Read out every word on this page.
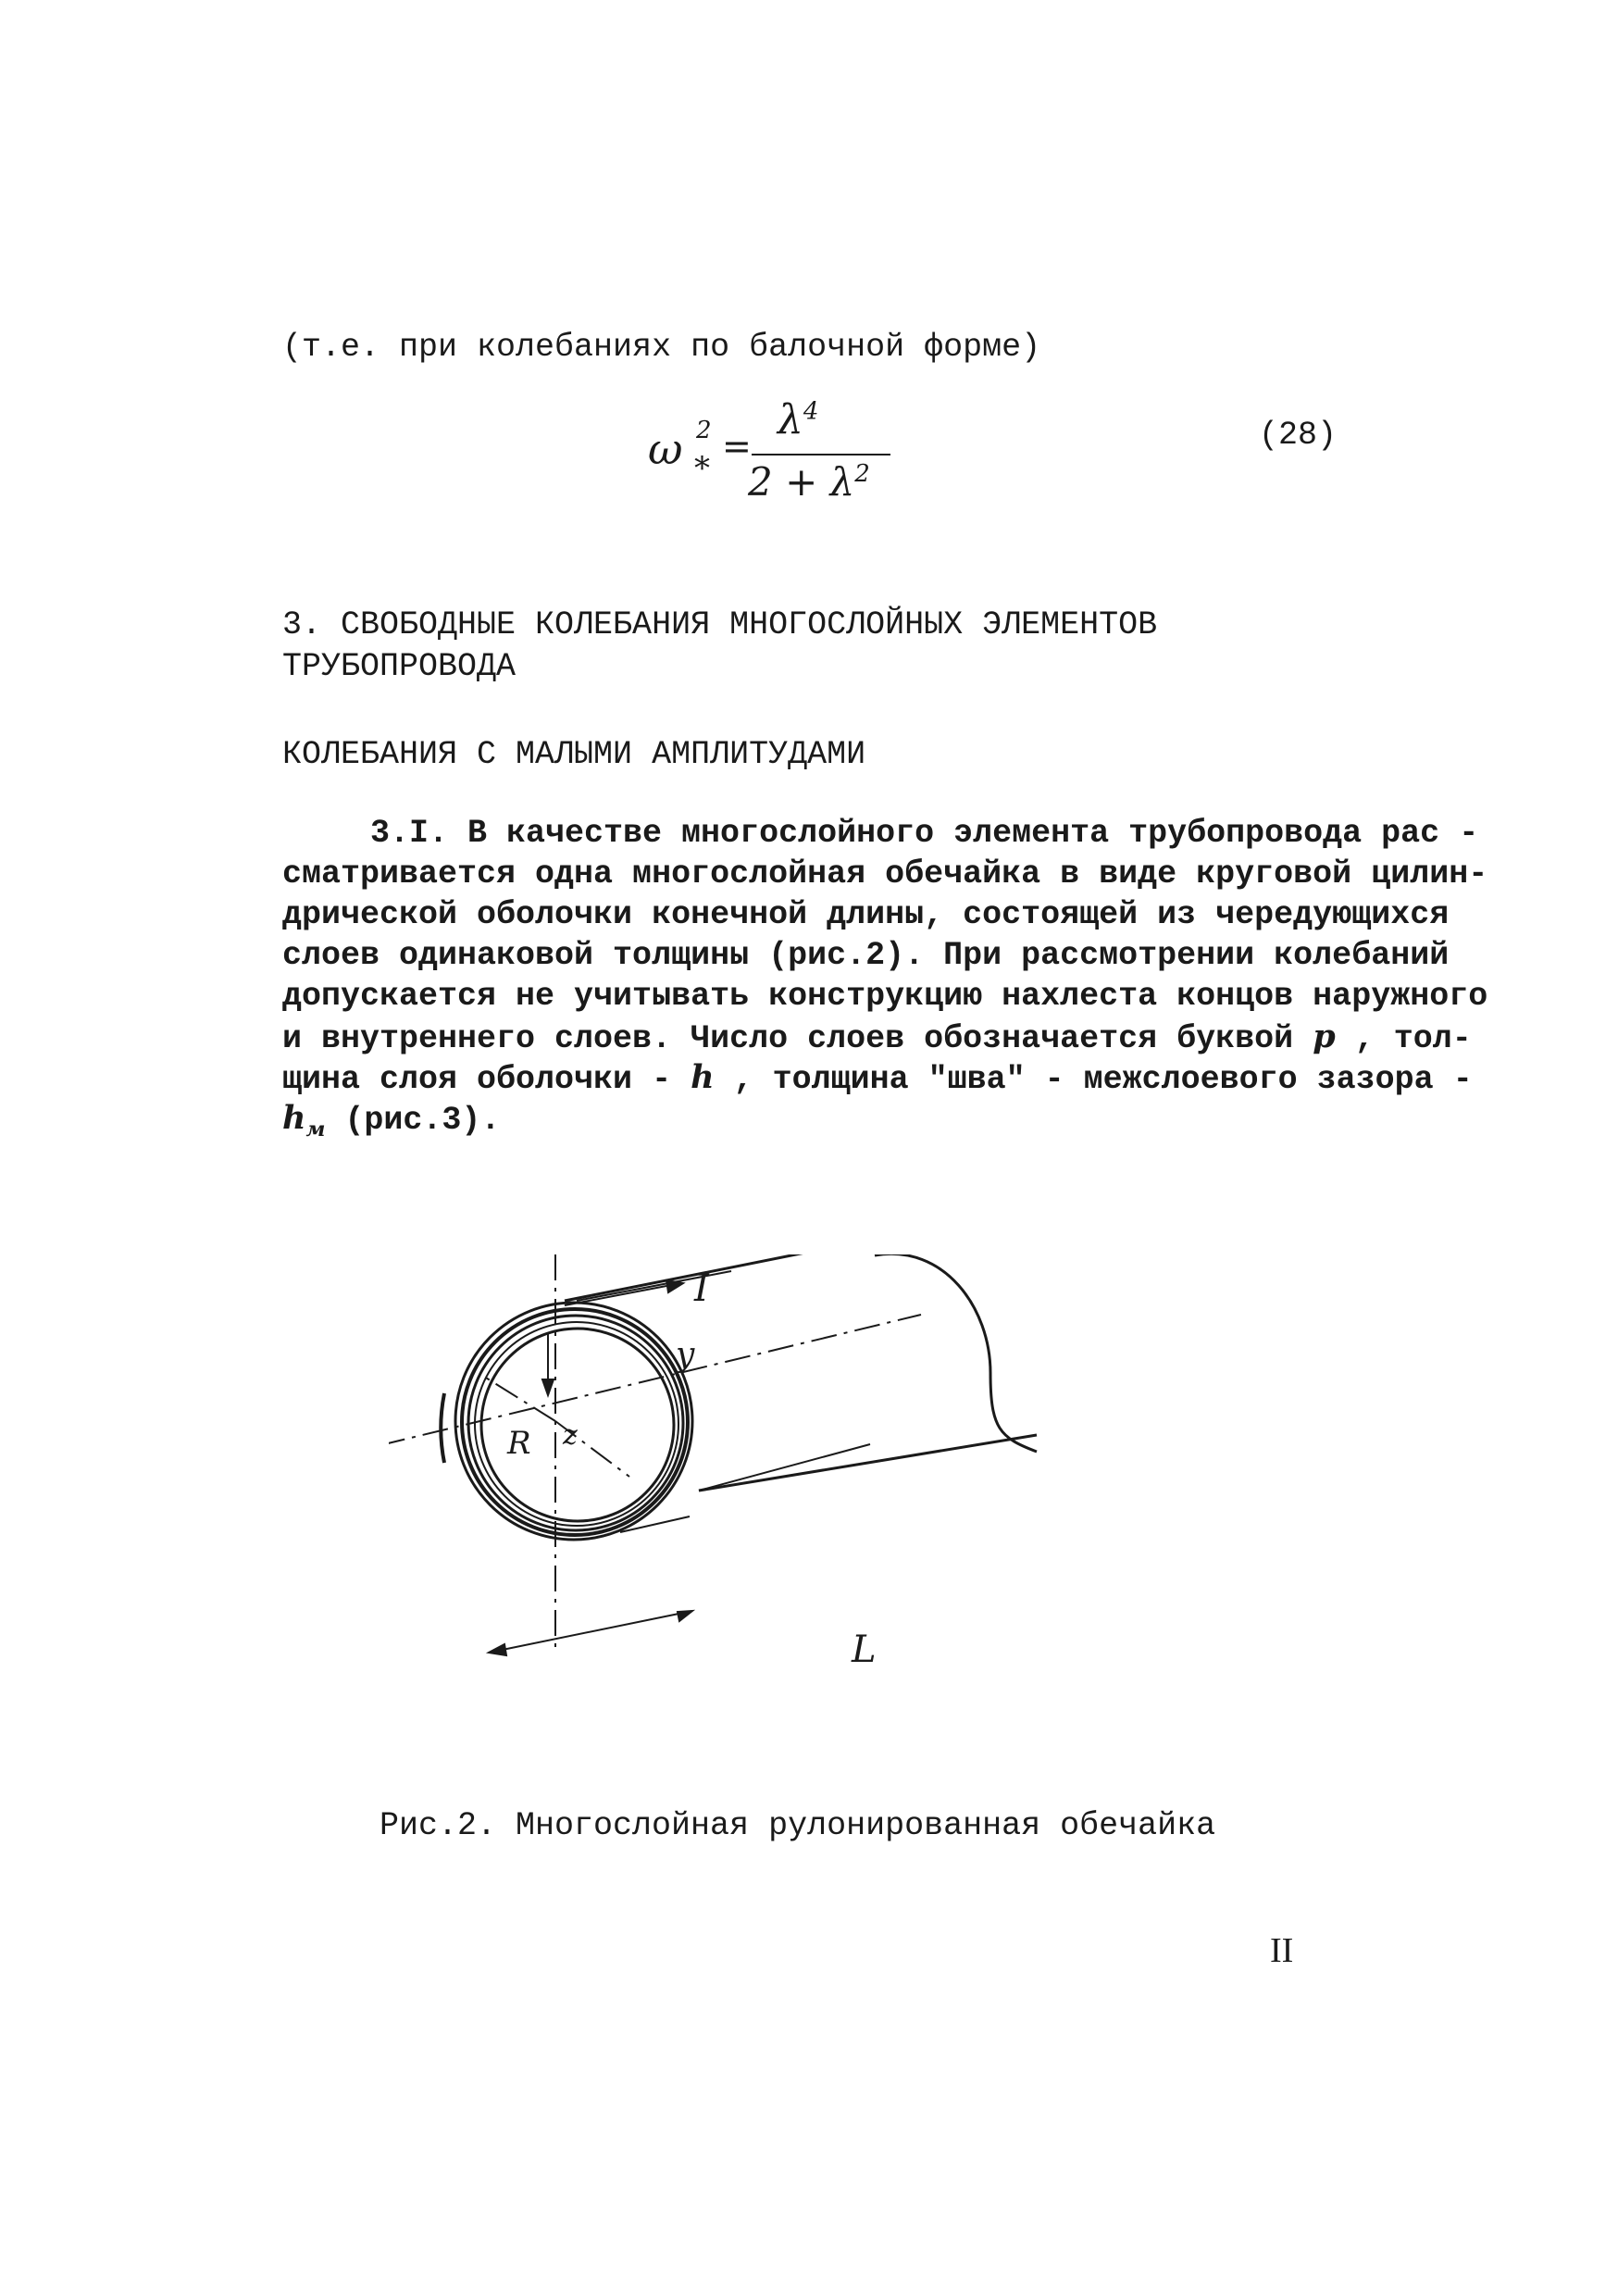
(т.е. при колебаниях по балочной форме)
ω 2
*
=
$\lambda^4$
$2 + \lambda^2$
(28)
3. СВОБОДНЫЕ КОЛЕБАНИЯ МНОГОСЛОЙНЫХ ЭЛЕМЕНТОВ
ТРУБОПРОВОДА
КОЛЕБАНИЯ С МАЛЫМИ АМПЛИТУДАМИ
3.I. В качестве многослойного элемента трубопровода рас -
сматривается одна многослойная обечайка в виде круговой цилин-
дрической оболочки конечной длины, состоящей из чередующихся
слоев одинаковой толщины (рис.2). При рассмотрении колебаний
допускается не учитывать конструкцию нахлеста концов наружного
и внутреннего слоев. Число слоев обозначается буквой p , тол-
щина слоя оболочки - h , толщина "шва" - межслоевого зазора -
$h_м$ (рис.3).
I
y
R z
L
Рис.2. Многослойная рулонированная обечайка
II
